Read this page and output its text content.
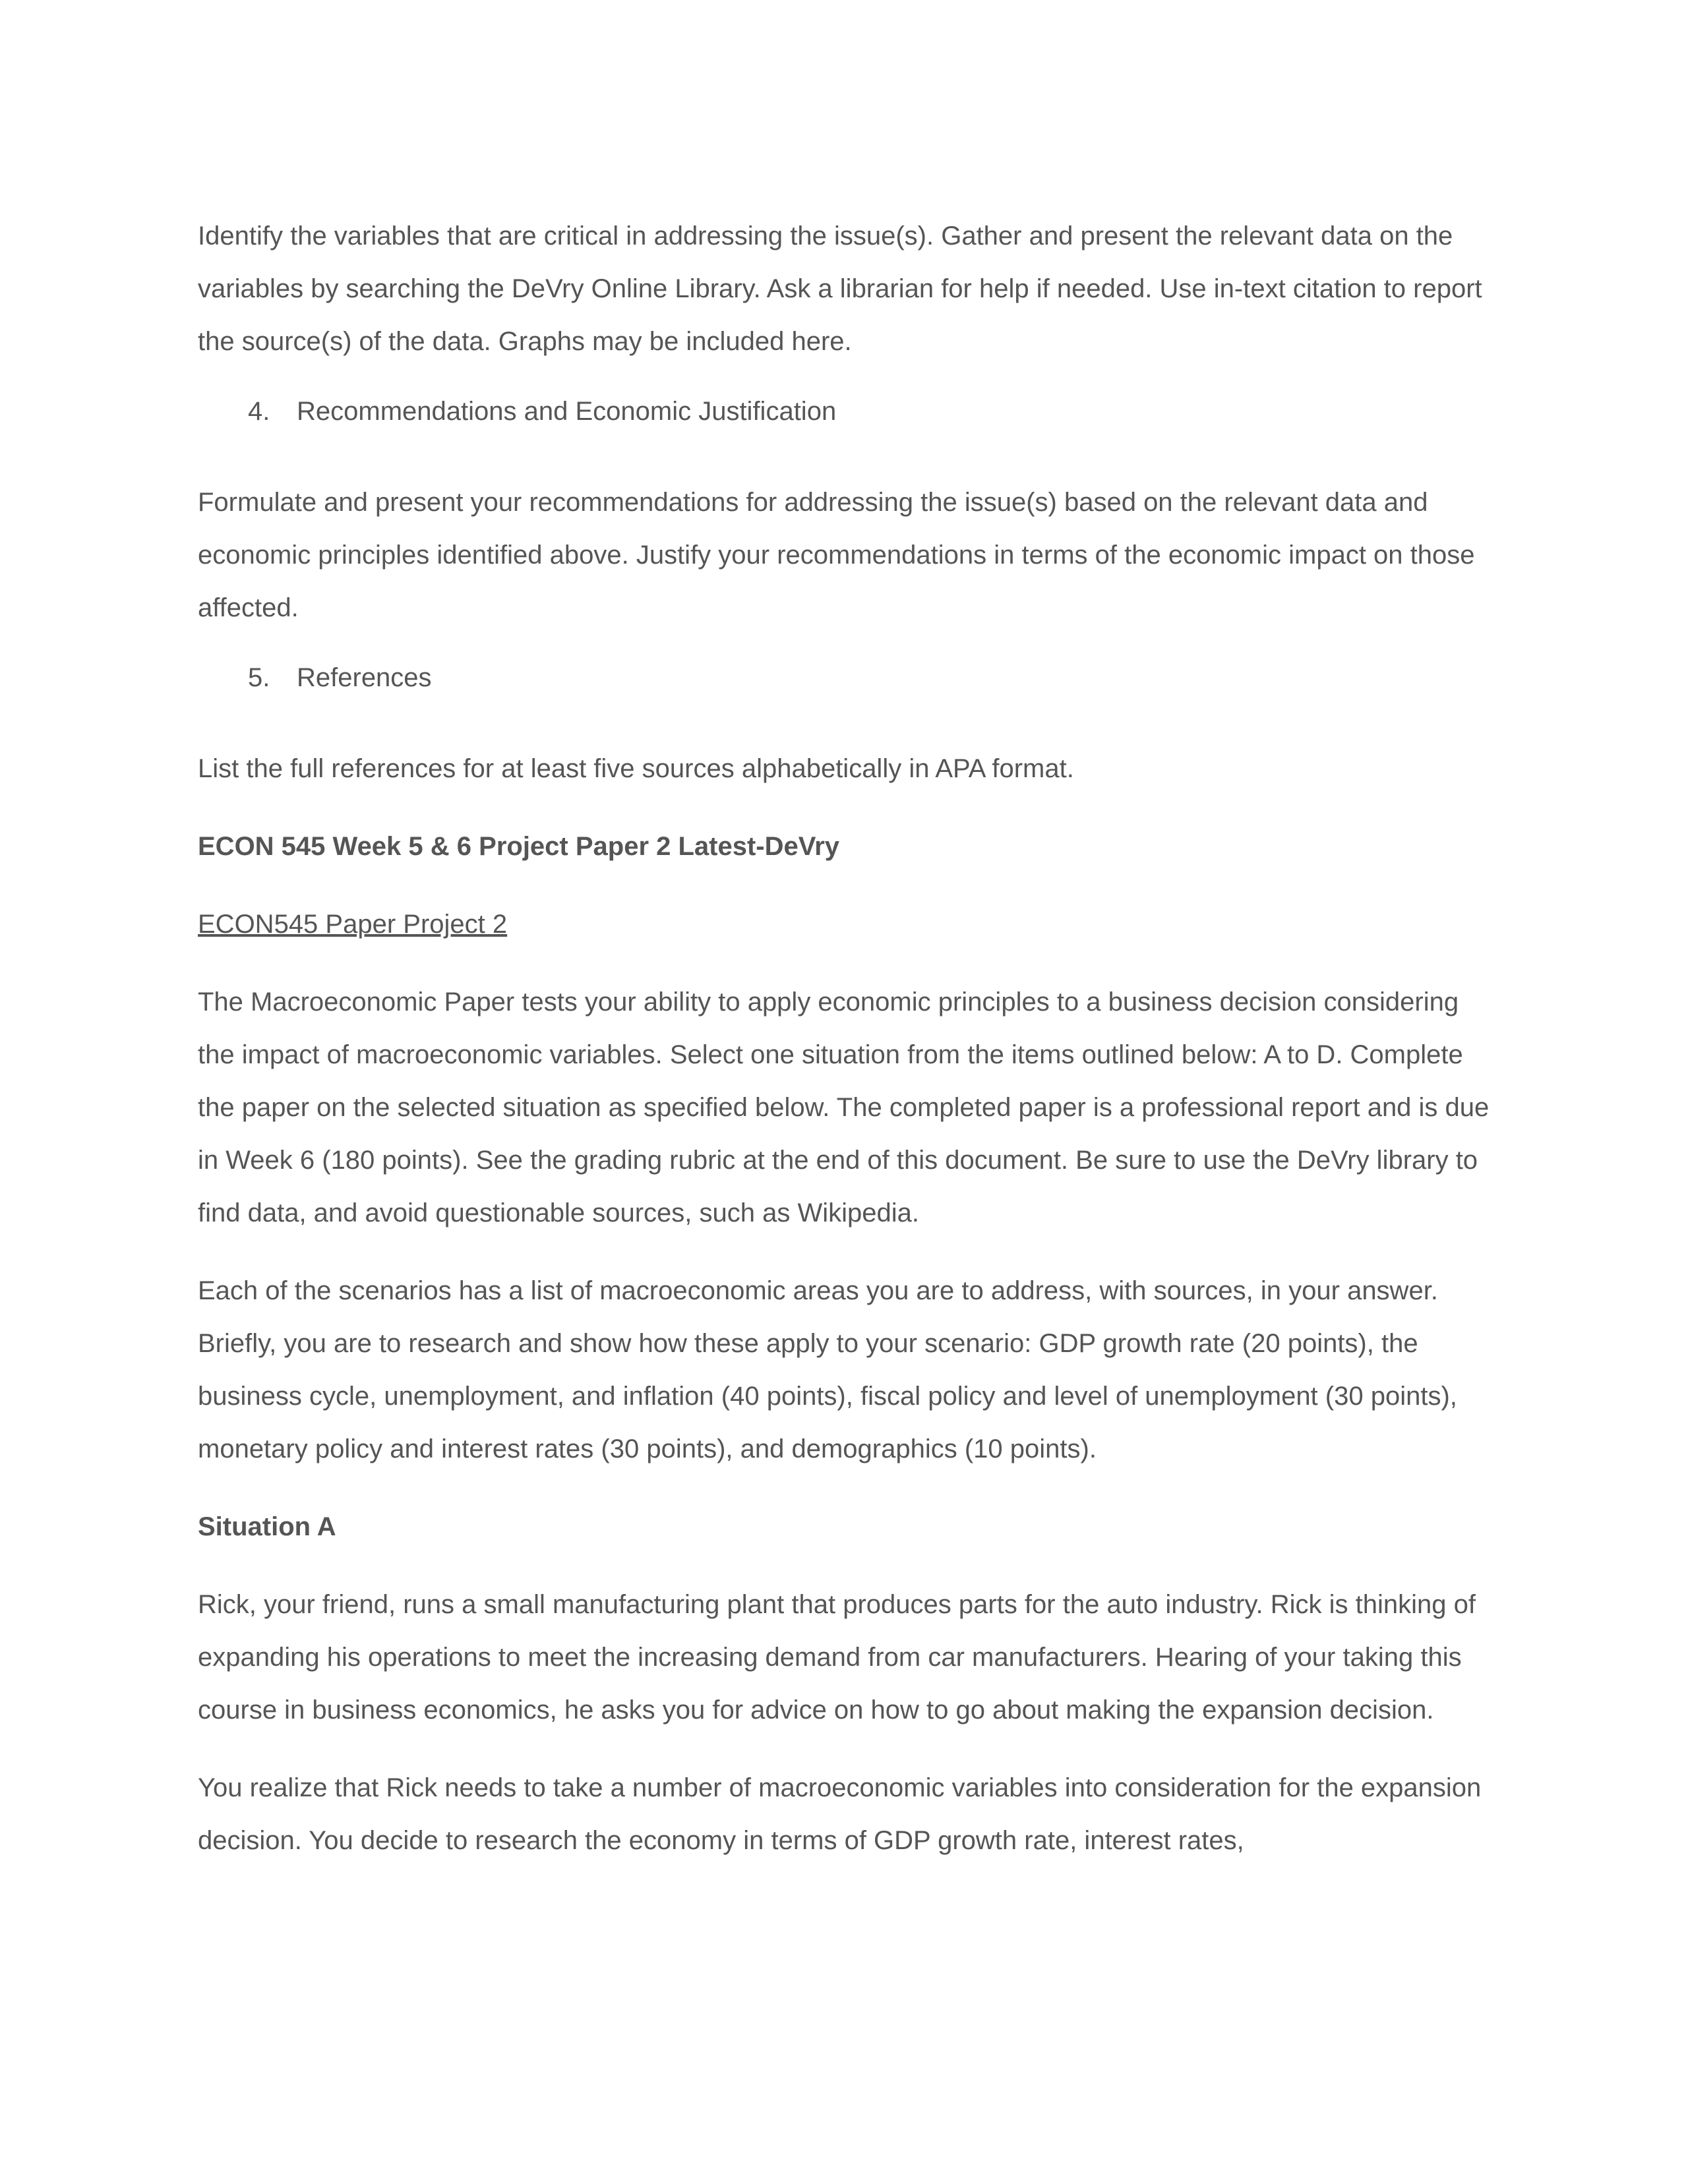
Identify the variables that are critical in addressing the issue(s). Gather and present the relevant data on the variables by searching the DeVry Online Library. Ask a librarian for help if needed. Use in-text citation to report the source(s) of the data. Graphs may be included here.

4. Recommendations and Economic Justification

Formulate and present your recommendations for addressing the issue(s) based on the relevant data and economic principles identified above. Justify your recommendations in terms of the economic impact on those affected.

5. References

List the full references for at least five sources alphabetically in APA format.

ECON 545 Week 5 & 6 Project Paper 2 Latest-DeVry

ECON545 Paper Project 2

The Macroeconomic Paper tests your ability to apply economic principles to a business decision considering the impact of macroeconomic variables. Select one situation from the items outlined below: A to D. Complete the paper on the selected situation as specified below. The completed paper is a professional report and is due in Week 6 (180 points). See the grading rubric at the end of this document. Be sure to use the DeVry library to find data, and avoid questionable sources, such as Wikipedia.

Each of the scenarios has a list of macroeconomic areas you are to address, with sources, in your answer. Briefly, you are to research and show how these apply to your scenario: GDP growth rate (20 points), the business cycle, unemployment, and inflation (40 points), fiscal policy and level of unemployment (30 points), monetary policy and interest rates (30 points), and demographics (10 points).

Situation A

Rick, your friend, runs a small manufacturing plant that produces parts for the auto industry. Rick is thinking of expanding his operations to meet the increasing demand from car manufacturers. Hearing of your taking this course in business economics, he asks you for advice on how to go about making the expansion decision.

You realize that Rick needs to take a number of macroeconomic variables into consideration for the expansion decision. You decide to research the economy in terms of GDP growth rate, interest rates,
